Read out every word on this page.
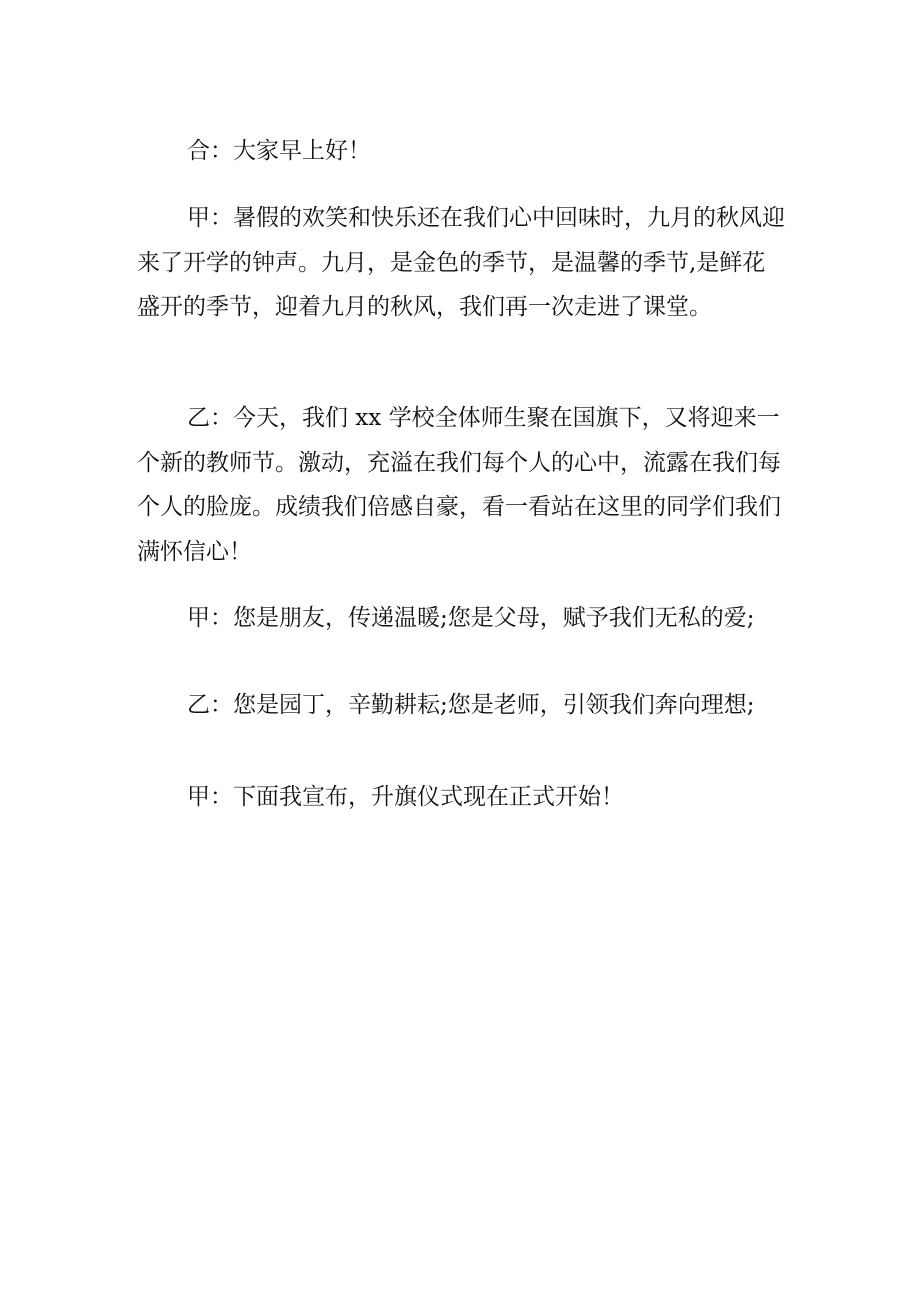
合：大家早上好！

甲：暑假的欢笑和快乐还在我们心中回味时，九月的秋风迎来了开学的钟声。九月，是金色的季节，是温馨的季节,是鲜花盛开的季节，迎着九月的秋风，我们再一次走进了课堂。

乙：今天，我们 xx 学校全体师生聚在国旗下，又将迎来一个新的教师节。激动，充溢在我们每个人的心中，流露在我们每个人的脸庞。成绩我们倍感自豪，看一看站在这里的同学们我们满怀信心！

甲：您是朋友，传递温暖;您是父母，赋予我们无私的爱;

乙：您是园丁，辛勤耕耘;您是老师，引领我们奔向理想;

甲：下面我宣布，升旗仪式现在正式开始！
